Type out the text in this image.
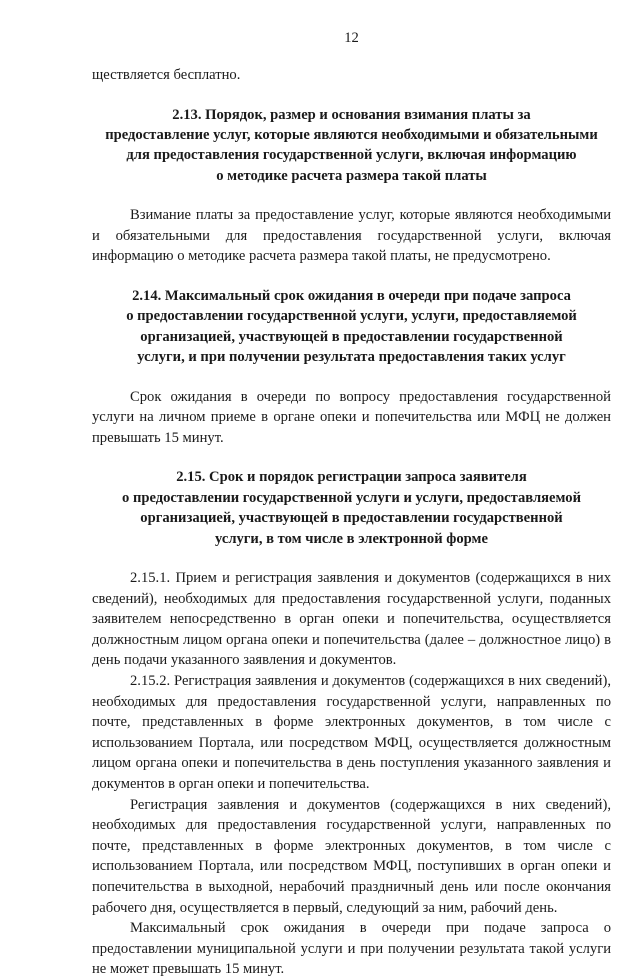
12

ществляется бесплатно.

2.13. Порядок, размер и основания взимания платы за
предоставление услуг, которые являются необходимыми и обязательными
для предоставления государственной услуги, включая информацию
о методике расчета размера такой платы

Взимание платы за предоставление услуг, которые являются необходимыми и обязательными для предоставления государственной услуги, включая информацию о методике расчета размера такой платы, не предусмотрено.

2.14. Максимальный срок ожидания в очереди при подаче запроса
о предоставлении государственной услуги, услуги, предоставляемой
организацией, участвующей в предоставлении государственной
услуги, и при получении результата предоставления таких услуг

Срок ожидания в очереди по вопросу предоставления государственной услуги на личном приеме в органе опеки и попечительства или МФЦ не должен превышать 15 минут.

2.15. Срок и порядок регистрации запроса заявителя
о предоставлении государственной услуги и услуги, предоставляемой
организацией, участвующей в предоставлении государственной
услуги, в том числе в электронной форме

2.15.1. Прием и регистрация заявления и документов (содержащихся в них сведений), необходимых для предоставления государственной услуги, поданных заявителем непосредственно в орган опеки и попечительства, осуществляется должностным лицом органа опеки и попечительства (далее – должностное лицо) в день подачи указанного заявления и документов.

2.15.2. Регистрация заявления и документов (содержащихся в них сведений), необходимых для предоставления государственной услуги, направленных по почте, представленных в форме электронных документов, в том числе с использованием Портала, или посредством МФЦ, осуществляется должностным лицом органа опеки и попечительства в день поступления указанного заявления и документов в орган опеки и попечительства.

Регистрация заявления и документов (содержащихся в них сведений), необходимых для предоставления государственной услуги, направленных по почте, представленных в форме электронных документов, в том числе с использованием Портала, или посредством МФЦ, поступивших в орган опеки и попечительства в выходной, нерабочий праздничный день или после окончания рабочего дня, осуществляется в первый, следующий за ним, рабочий день.

Максимальный срок ожидания в очереди при подаче запроса о предоставлении муниципальной услуги и при получении результата такой услуги не может превышать 15 минут.
